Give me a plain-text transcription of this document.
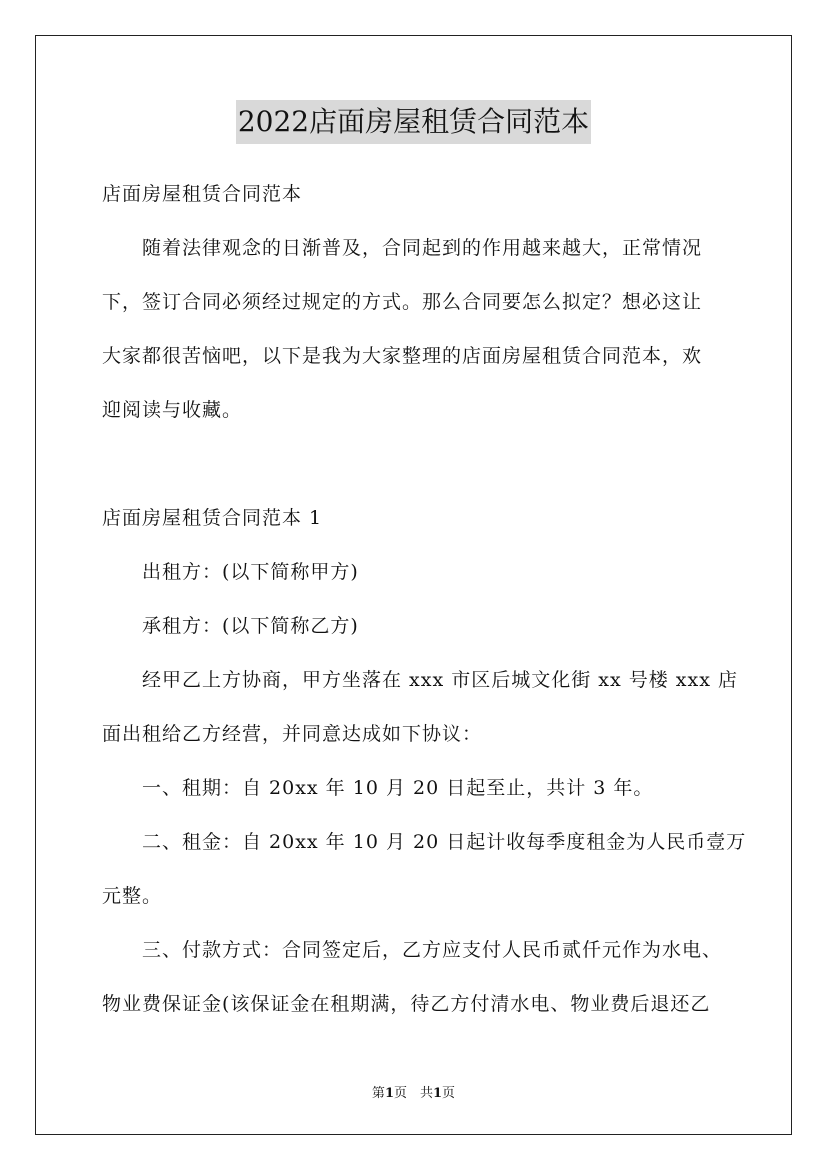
2022店面房屋租赁合同范本
店面房屋租赁合同范本
随着法律观念的日渐普及，合同起到的作用越来越大，正常情况
下，签订合同必须经过规定的方式。那么合同要怎么拟定？想必这让
大家都很苦恼吧，以下是我为大家整理的店面房屋租赁合同范本，欢
迎阅读与收藏。
店面房屋租赁合同范本 1
出租方：(以下简称甲方)
承租方：(以下简称乙方)
经甲乙上方协商，甲方坐落在 xxx 市区后城文化街 xx 号楼 xxx 店
面出租给乙方经营，并同意达成如下协议：
一、租期：自 20xx 年 10 月 20 日起至止，共计 3 年。
二、租金：自 20xx 年 10 月 20 日起计收每季度租金为人民币壹万
元整。
三、付款方式：合同签定后，乙方应支付人民币贰仟元作为水电、
物业费保证金(该保证金在租期满，待乙方付清水电、物业费后退还乙
第1页　共1页
